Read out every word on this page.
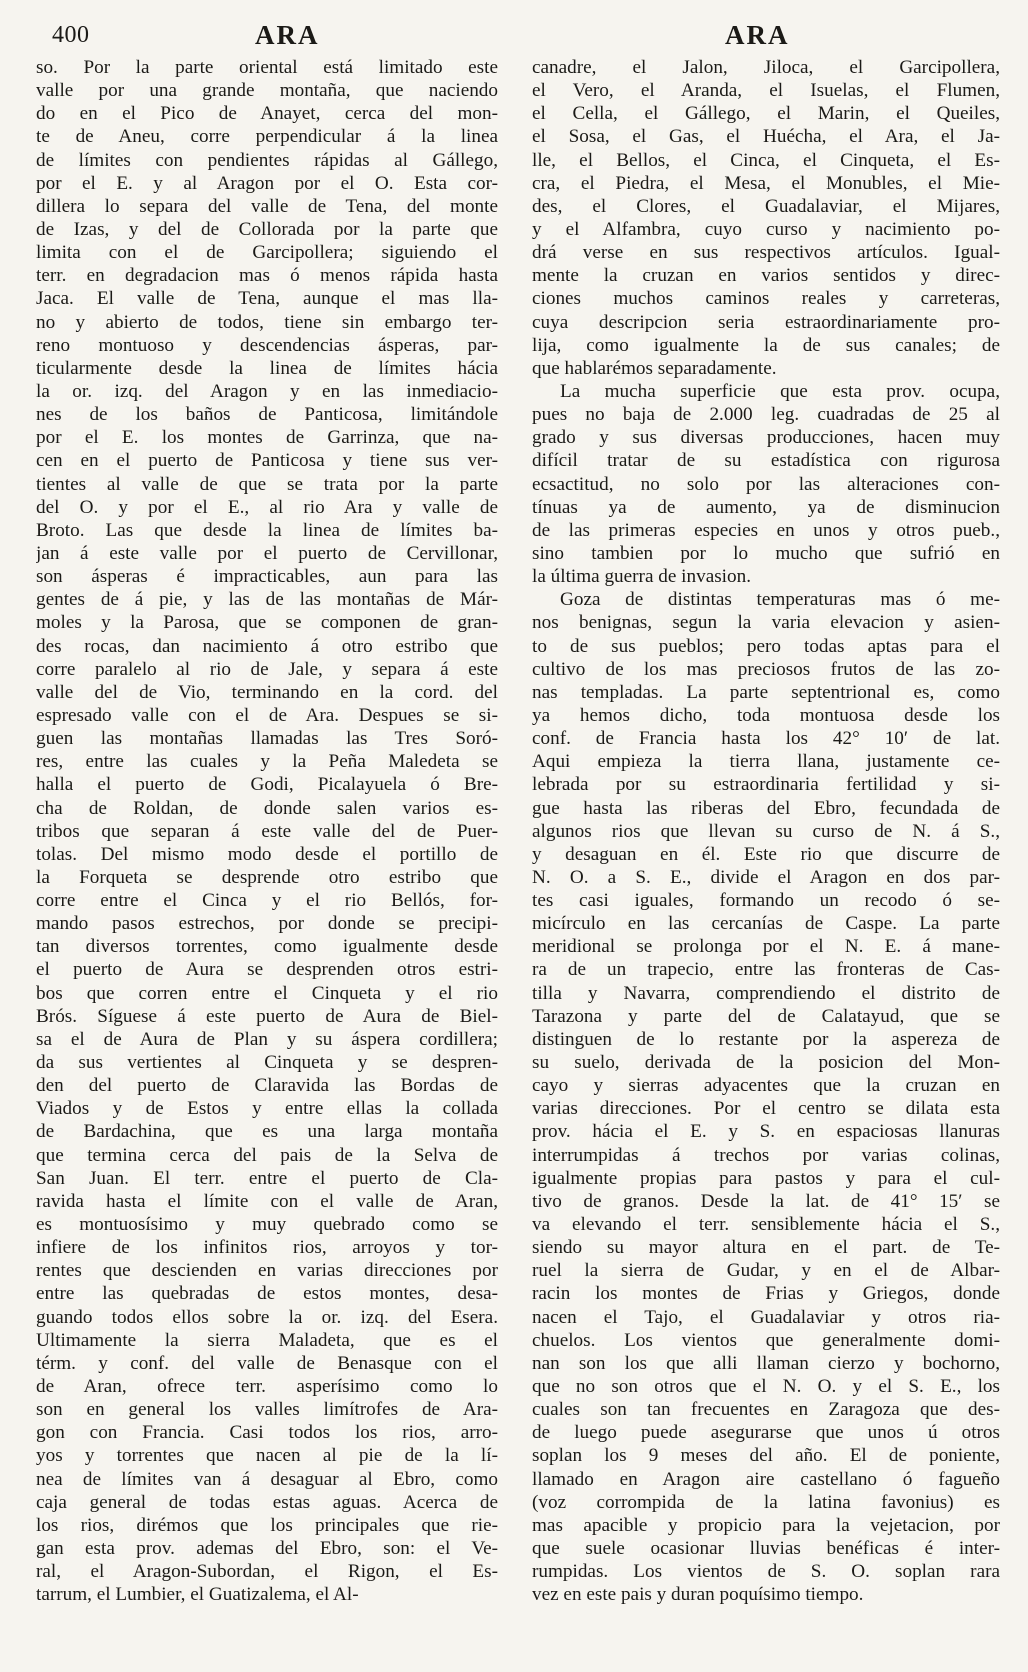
400	ARA	ARA
so. Por la parte oriental está limitado este
valle por una grande montaña, que naciendo
do en el Pico de Anayet, cerca del mon-
te de Aneu, corre perpendicular á la linea
de límites con pendientes rápidas al Gállego,
por el E. y al Aragon por el O. Esta cor-
dillera lo separa del valle de Tena, del monte
de Izas, y del de Collorada por la parte que
limita con el de Garcipollera; siguiendo el
terr. en degradacion mas ó menos rápida hasta
Jaca. El valle de Tena, aunque el mas lla-
no y abierto de todos, tiene sin embargo ter-
reno montuoso y descendencias ásperas, par-
ticularmente desde la linea de límites hácia
la or. izq. del Aragon y en las inmediacio-
nes de los baños de Panticosa, limitándole
por el E. los montes de Garrinza, que na-
cen en el puerto de Panticosa y tiene sus ver-
tientes al valle de que se trata por la parte
del O. y por el E., al rio Ara y valle de
Broto. Las que desde la linea de límites ba-
jan á este valle por el puerto de Cervillonar,
son ásperas é impracticables, aun para las
gentes de á pie, y las de las montañas de Már-
moles y la Parosa, que se componen de gran-
des rocas, dan nacimiento á otro estribo que
corre paralelo al rio de Jale, y separa á este
valle del de Vio, terminando en la cord. del
espresado valle con el de Ara. Despues se si-
guen las montañas llamadas las Tres Soró-
res, entre las cuales y la Peña Maledeta se
halla el puerto de Godi, Picalayuela ó Bre-
cha de Roldan, de donde salen varios es-
tribos que separan á este valle del de Puer-
tolas. Del mismo modo desde el portillo de
la Forqueta se desprende otro estribo que
corre entre el Cinca y el rio Bellós, for-
mando pasos estrechos, por donde se precipi-
tan diversos torrentes, como igualmente desde
el puerto de Aura se desprenden otros estri-
bos que corren entre el Cinqueta y el rio
Brós. Síguese á este puerto de Aura de Biel-
sa el de Aura de Plan y su áspera cordillera;
da sus vertientes al Cinqueta y se despren-
den del puerto de Claravida las Bordas de
Viados y de Estos y entre ellas la collada
de Bardachina, que es una larga montaña
que termina cerca del pais de la Selva de
San Juan. El terr. entre el puerto de Cla-
ravida hasta el límite con el valle de Aran,
es montuosísimo y muy quebrado como se
infiere de los infinitos rios, arroyos y tor-
rentes que descienden en varias direcciones por
entre las quebradas de estos montes, desa-
guando todos ellos sobre la or. izq. del Esera.
Ultimamente la sierra Maladeta, que es el
térm. y conf. del valle de Benasque con el
de Aran, ofrece terr. asperísimo como lo
son en general los valles limítrofes de Ara-
gon con Francia. Casi todos los rios, arro-
yos y torrentes que nacen al pie de la lí-
nea de límites van á desaguar al Ebro, como
caja general de todas estas aguas. Acerca de
los rios, dirémos que los principales que rie-
gan esta prov. ademas del Ebro, son: el Ve-
ral, el Aragon-Subordan, el Rigon, el Es-
tarrum, el Lumbier, el Guatizalema, el Al-
canadre, el Jalon, Jiloca, el Garcipollera,
el Vero, el Aranda, el Isuelas, el Flumen,
el Cella, el Gállego, el Marin, el Queiles,
el Sosa, el Gas, el Huécha, el Ara, el Ja-
lle, el Bellos, el Cinca, el Cinqueta, el Es-
cra, el Piedra, el Mesa, el Monubles, el Mie-
des, el Clores, el Guadalaviar, el Mijares,
y el Alfambra, cuyo curso y nacimiento po-
drá verse en sus respectivos artículos. Igual-
mente la cruzan en varios sentidos y direc-
ciones muchos caminos reales y carreteras,
cuya descripcion seria estraordinariamente pro-
lija, como igualmente la de sus canales; de
que hablarémos separadamente.
La mucha superficie que esta prov. ocupa,
pues no baja de 2.000 leg. cuadradas de 25 al
grado y sus diversas producciones, hacen muy
difícil tratar de su estadística con rigurosa
ecsactitud, no solo por las alteraciones con-
tínuas ya de aumento, ya de disminucion
de las primeras especies en unos y otros pueb.,
sino tambien por lo mucho que sufrió en
la última guerra de invasion.
Goza de distintas temperaturas mas ó me-
nos benignas, segun la varia elevacion y asien-
to de sus pueblos; pero todas aptas para el
cultivo de los mas preciosos frutos de las zo-
nas templadas. La parte septentrional es, como
ya hemos dicho, toda montuosa desde los
conf. de Francia hasta los 42° 10′ de lat.
Aqui empieza la tierra llana, justamente ce-
lebrada por su estraordinaria fertilidad y si-
gue hasta las riberas del Ebro, fecundada de
algunos rios que llevan su curso de N. á S.,
y desaguan en él. Este rio que discurre de
N. O. a S. E., divide el Aragon en dos par-
tes casi iguales, formando un recodo ó se-
micírculo en las cercanías de Caspe. La parte
meridional se prolonga por el N. E. á mane-
ra de un trapecio, entre las fronteras de Cas-
tilla y Navarra, comprendiendo el distrito de
Tarazona y parte del de Calatayud, que se
distinguen de lo restante por la aspereza de
su suelo, derivada de la posicion del Mon-
cayo y sierras adyacentes que la cruzan en
varias direcciones. Por el centro se dilata esta
prov. hácia el E. y S. en espaciosas llanuras
interrumpidas á trechos por varias colinas,
igualmente propias para pastos y para el cul-
tivo de granos. Desde la lat. de 41° 15′ se
va elevando el terr. sensiblemente hácia el S.,
siendo su mayor altura en el part. de Te-
ruel la sierra de Gudar, y en el de Albar-
racin los montes de Frias y Griegos, donde
nacen el Tajo, el Guadalaviar y otros ria-
chuelos. Los vientos que generalmente domi-
nan son los que alli llaman cierzo y bochorno,
que no son otros que el N. O. y el S. E., los
cuales son tan frecuentes en Zaragoza que des-
de luego puede asegurarse que unos ú otros
soplan los 9 meses del año. El de poniente,
llamado en Aragon aire castellano ó fagueño
(voz corrompida de la latina favonius) es
mas apacible y propicio para la vejetacion, por
que suele ocasionar lluvias benéficas é inter-
rumpidas. Los vientos de S. O. soplan rara
vez en este pais y duran poquísimo tiempo.
